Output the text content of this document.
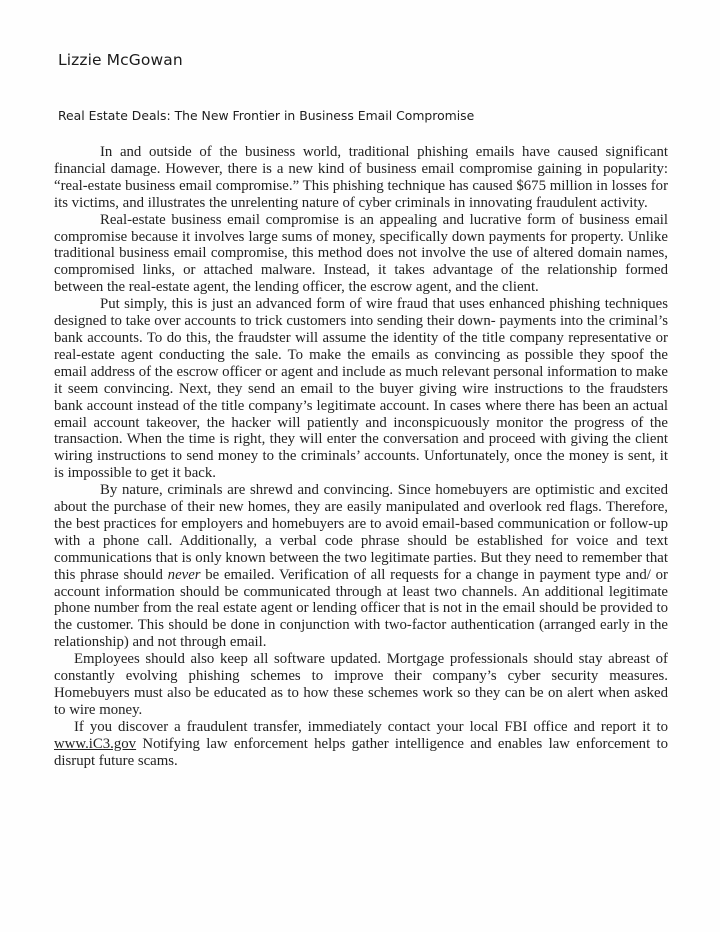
Lizzie McGowan
Real Estate Deals: The New Frontier in Business Email Compromise

In and outside of the business world, traditional phishing emails have caused significant financial damage. However, there is a new kind of business email compromise gaining in popularity: “real-estate business email compromise.” This phishing technique has caused $675 million in losses for its victims, and illustrates the unrelenting nature of cyber criminals in innovating fraudulent activity.

Real-estate business email compromise is an appealing and lucrative form of business email compromise because it involves large sums of money, specifically down payments for property. Unlike traditional business email compromise, this method does not involve the use of altered domain names, compromised links, or attached malware. Instead, it takes advantage of the relationship formed between the real-estate agent, the lending officer, the escrow agent, and the client.

Put simply, this is just an advanced form of wire fraud that uses enhanced phishing techniques designed to take over accounts to trick customers into sending their down- payments into the criminal’s bank accounts. To do this, the fraudster will assume the identity of the title company representative or real-estate agent conducting the sale. To make the emails as convincing as possible they spoof the email address of the escrow officer or agent and include as much relevant personal information to make it seem convincing. Next, they send an email to the buyer giving wire instructions to the fraudsters bank account instead of the title company’s legitimate account. In cases where there has been an actual email account takeover, the hacker will patiently and inconspicuously monitor the progress of the transaction. When the time is right, they will enter the conversation and proceed with giving the client wiring instructions to send money to the criminals’ accounts. Unfortunately, once the money is sent, it is impossible to get it back.

By nature, criminals are shrewd and convincing. Since homebuyers are optimistic and excited about the purchase of their new homes, they are easily manipulated and overlook red flags. Therefore, the best practices for employers and homebuyers are to avoid email-based communication or follow-up with a phone call. Additionally, a verbal code phrase should be established for voice and text communications that is only known between the two legitimate parties. But they need to remember that this phrase should never be emailed. Verification of all requests for a change in payment type and/ or account information should be communicated through at least two channels. An additional legitimate phone number from the real estate agent or lending officer that is not in the email should be provided to the customer. This should be done in conjunction with two-factor authentication (arranged early in the relationship) and not through email.

Employees should also keep all software updated. Mortgage professionals should stay abreast of constantly evolving phishing schemes to improve their company’s cyber security measures. Homebuyers must also be educated as to how these schemes work so they can be on alert when asked to wire money.

If you discover a fraudulent transfer, immediately contact your local FBI office and report it to www.iC3.gov Notifying law enforcement helps gather intelligence and enables law enforcement to disrupt future scams.
